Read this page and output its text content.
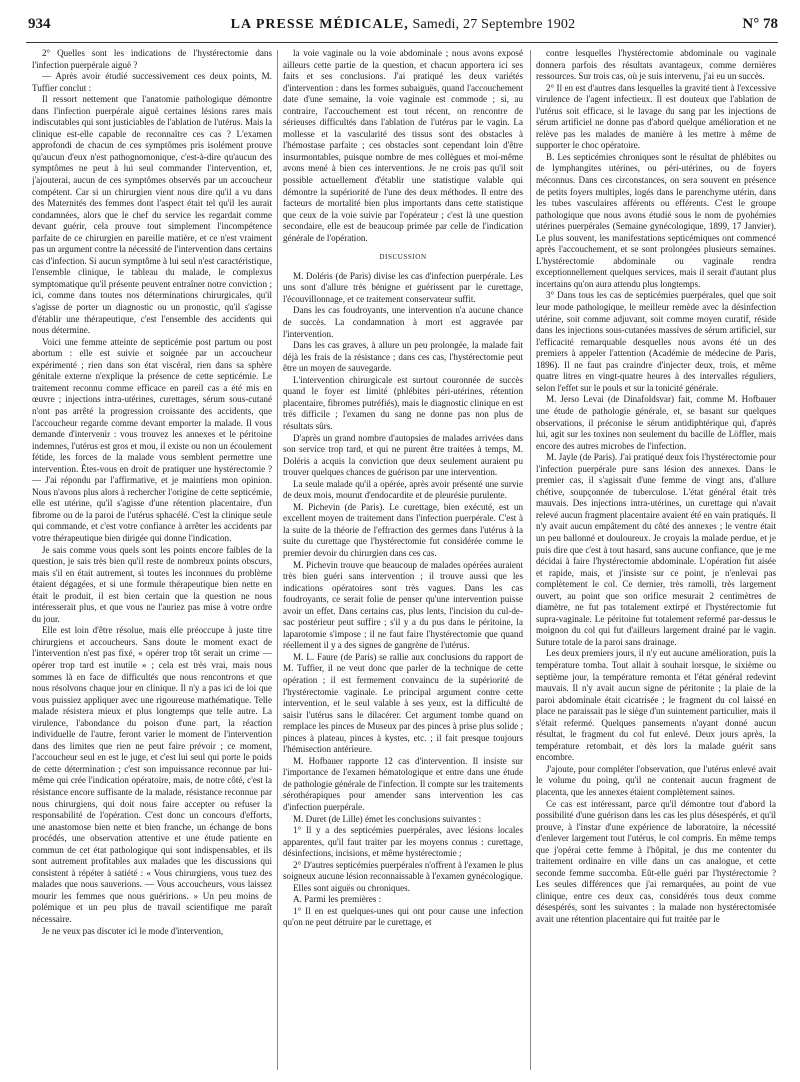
934	LA PRESSE MÉDICALE, Samedi, 27 Septembre 1902	N° 78

2° Quelles sont les indications de l'hystérectomie dans l'infection puerpérale aiguë ?

— Après avoir étudié successivement ces deux points, M. Tuffier conclut :

Il ressort nettement que l'anatomie pathologique démontre dans l'infection puerpérale aiguë certaines lésions rares mais indiscutables qui sont justiciables de l'ablation de l'utérus. Mais la clinique est-elle capable de reconnaître ces cas ? L'examen approfondi de chacun de ces symptômes pris isolément prouve qu'aucun d'eux n'est pathognomonique, c'est-à-dire qu'aucun des symptômes ne peut à lui seul commander l'intervention, et, j'ajouterai, aucun de ces symptômes observés par un accoucheur compétent. Car si un chirurgien vient nous dire qu'il a vu dans des Maternités des femmes dont l'aspect était tel qu'il les aurait condamnées, alors que le chef du service les regardait comme devant guérir, cela prouve tout simplement l'incompétence parfaite de ce chirurgien en pareille matière, et ce n'est vraiment pas un argument contre la nécessité de l'intervention dans certains cas d'infection. Si aucun symptôme à lui seul n'est caractéristique, l'ensemble clinique, le tableau du malade, le complexus symptomatique qu'il présente peuvent entraîner notre conviction ; ici, comme dans toutes nos déterminations chirurgicales, qu'il s'agisse de porter un diagnostic ou un pronostic, qu'il s'agisse d'établir une thérapeutique, c'est l'ensemble des accidents qui nous détermine.

Voici une femme atteinte de septicémie post partum ou post abortum : elle est suivie et soignée par un accoucheur expérimenté ; rien dans son état viscéral, rien dans sa sphère génitale externe n'explique la présence de cette septicémie. Le traitement reconnu comme efficace en pareil cas a été mis en œuvre ; injections intra-utérines, curettages, sérum sous-cutané n'ont pas arrêté la progression croissante des accidents, que l'accoucheur regarde comme devant emporter la malade. Il vous demande d'intervenir : vous trouvez les annexes et le péritoine indemnes, l'utérus est gros et mou, il existe ou non un écoulement fétide, les forces de la malade vous semblent permettre une intervention. Êtes-vous en droit de pratiquer une hystérectomie ? — J'ai répondu par l'affirmative, et je maintiens mon opinion. Nous n'avons plus alors à rechercher l'origine de cette septicémie, elle est utérine, qu'il s'agisse d'une rétention placentaire, d'un fibrome ou de la paroi de l'utérus sphacélé. C'est la clinique seule qui commande, et c'est votre confiance à arrêter les accidents par votre thérapeutique bien dirigée qui donne l'indication.

Je sais comme vous quels sont les points encore faibles de la question, je sais très bien qu'il reste de nombreux points obscurs, mais s'il en était autrement, si toutes les inconnues du problème étaient dégagées, et si une formule thérapeutique bien nette en était le produit, il est bien certain que la question ne nous intéresserait plus, et que vous ne l'auriez pas mise à votre ordre du jour.

Elle est loin d'être résolue, mais elle préoccupe à juste titre chirurgiens et accoucheurs. Sans doute le moment exact de l'intervention n'est pas fixé, « opérer trop tôt serait un crime — opérer trop tard est inutile » ; cela est très vrai, mais nous sommes là en face de difficultés que nous rencontrons et que nous résolvons chaque jour en clinique. Il n'y a pas ici de loi que vous puissiez appliquer avec une rigoureuse mathématique. Telle malade résistera mieux et plus longtemps que telle autre. La virulence, l'abondance du poison d'une part, la réaction individuelle de l'autre, feront varier le moment de l'intervention dans des limites que rien ne peut faire prévoir ; ce moment, l'accoucheur seul en est le juge, et c'est lui seul qui porte le poids de cette détermination ; c'est son impuissance reconnue par lui-même qui crée l'indication opératoire, mais, de notre côté, c'est la résistance encore suffisante de la malade, résistance reconnue par nous chirurgiens, qui doit nous faire accepter ou refuser la responsabilité de l'opération. C'est donc un concours d'efforts, une anastomose bien nette et bien franche, un échange de bons procédés, une observation attentive et une étude patiente en commun de cet état pathologique qui sont indispensables, et ils sont autrement profitables aux malades que les discussions qui consistent à répéter à satiété : « Vous chirurgiens, vous tuez des malades que nous sauverions. — Vous accoucheurs, vous laissez mourir les femmes que nous guéririons. » Un peu moins de polémique et un peu plus de travail scientifique me paraît nécessaire.

Je ne veux pas discuter ici le mode d'intervention,

la voie vaginale ou la voie abdominale ; nous avons exposé ailleurs cette partie de la question, et chacun apportera ici ses faits et ses conclusions. J'ai pratiqué les deux variétés d'intervention : dans les formes subaiguës, quand l'accouchement date d'une semaine, la voie vaginale est commode ; si, au contraire, l'accouchement est tout récent, on rencontre de sérieuses difficultés dans l'ablation de l'utérus par le vagin. La mollesse et la vascularité des tissus sont des obstacles à l'hémostase parfaite ; ces obstacles sont cependant loin d'être insurmontables, puisque nombre de mes collègues et moi-même avons mené à bien ces interventions. Je ne crois pas qu'il soit possible actuellement d'établir une statistique valable qui démontre la supériorité de l'une des deux méthodes. Il entre des facteurs de mortalité bien plus importants dans cette statistique que ceux de la voie suivie par l'opérateur ; c'est là une question secondaire, elle est de beaucoup primée par celle de l'indication générale de l'opération.

DISCUSSION

M. Doléris (de Paris) divise les cas d'infection puerpérale. Les uns sont d'allure très bénigne et guérissent par le curettage, l'écouvillonnage, et ce traitement conservateur suffit.

Dans les cas foudroyants, une intervention n'a aucune chance de succès. La condamnation à mort est aggravée par l'intervention.

Dans les cas graves, à allure un peu prolongée, la malade fait déjà les frais de la résistance ; dans ces cas, l'hystérectomie peut être un moyen de sauvegarde.

L'intervention chirurgicale est surtout couronnée de succès quand le foyer est limité (phlébites péri-utérines, rétention placentaire, fibromes putréfiés), mais le diagnostic clinique en est très difficile ; l'examen du sang ne donne pas non plus de résultats sûrs.

D'après un grand nombre d'autopsies de malades arrivées dans son service trop tard, et qui ne purent être traitées à temps, M. Doléris a acquis la conviction que deux seulement auraient pu trouver quelques chances de guérison par une intervention.

La seule malade qu'il a opérée, après avoir présenté une survie de deux mois, mourut d'endocardite et de pleurésie purulente.

M. Pichevin (de Paris). Le curettage, bien exécuté, est un excellent moyen de traitement dans l'infection puerpérale. C'est à la suite de la théorie de l'effraction des germes dans l'utérus à la suite du curettage que l'hystérectomie fut considérée comme le premier devoir du chirurgien dans ces cas.

M. Pichevin trouve que beaucoup de malades opérées auraient très bien guéri sans intervention ; il trouve aussi que les indications opératoires sont très vagues. Dans les cas foudroyants, ce serait folie de penser qu'une intervention puisse avoir un effet. Dans certains cas, plus lents, l'incision du cul-de-sac postérieur peut suffire ; s'il y a du pus dans le péritoine, la laparotomie s'impose ; il ne faut faire l'hystérectomie que quand réellement il y a des signes de gangrène de l'utérus.

M. L. Faure (de Paris) se rallie aux conclusions du rapport de M. Tuffier, il ne veut donc que parler de la technique de cette opération ; il est fermement convaincu de la supériorité de l'hystérectomie vaginale. Le principal argument contre cette intervention, et le seul valable à ses yeux, est la difficulté de saisir l'utérus sans le dilacérer. Cet argument tombe quand on remplace les pinces de Museux par des pinces à prise plus solide ; pinces à plateau, pinces à kystes, etc. ; il fait presque toujours l'hémisection antérieure.

M. Hofbauer rapporte 12 cas d'intervention. Il insiste sur l'importance de l'examen hématologique et entre dans une étude de pathologie générale de l'infection. Il compte sur les traitements sérothérapiques pour amender sans intervention les cas d'infection puerpérale.

M. Duret (de Lille) émet les conclusions suivantes :

1° Il y a des septicémies puerpérales, avec lésions locales apparentes, qu'il faut traiter par les moyens connus : curettage, désinfections, incisions, et même hystérectomie ;

2° D'autres septicémies puerpérales n'offrent à l'examen le plus soigneux aucune lésion reconnaissable à l'examen gynécologique.

Elles sont aiguës ou chroniques.

A. Parmi les premières :

1° Il en est quelques-unes qui ont pour cause une infection qu'on ne peut détruire par le curettage, et

contre lesquelles l'hystérectomie abdominale ou vaginale donnera parfois des résultats avantageux, comme dernières ressources. Sur trois cas, où je suis intervenu, j'ai eu un succès.

2° Il en est d'autres dans lesquelles la gravité tient à l'excessive virulence de l'agent infectieux. Il est douteux que l'ablation de l'utérus soit efficace, si le lavage du sang par les injections de sérum artificiel ne donne pas d'abord quelque amélioration et ne relève pas les malades de manière à les mettre à même de supporter le choc opératoire.

B. Les septicémies chroniques sont le résultat de phlébites ou de lymphangites utérines, ou péri-utérines, ou de foyers méconnus. Dans ces circonstances, on sera souvent en présence de petits foyers multiples, logés dans le parenchyme utérin, dans les tubes vasculaires afférents ou efférents. C'est le groupe pathologique que nous avons étudié sous le nom de pyohémies utérines puerpérales (Semaine gynécologique, 1899, 17 Janvier). Le plus souvent, les manifestations septicémiques ont commencé après l'accouchement, et se sont prolongées plusieurs semaines. L'hystérectomie abdominale ou vaginale rendra exceptionnellement quelques services, mais il serait d'autant plus incertains qu'on aura attendu plus longtemps.

3° Dans tous les cas de septicémies puerpérales, quel que soit leur mode pathologique, le meilleur remède avec la désinfection utérine, soit comme adjuvant, soit comme moyen curatif, réside dans les injections sous-cutanées massives de sérum artificiel, sur l'efficacité remarquable desquelles nous avons été un des premiers à appeler l'attention (Académie de médecine de Paris, 1896). Il ne faut pas craindre d'injecter deux, trois, et même quatre litres en vingt-quatre heures à des intervalles réguliers, selon l'effet sur le pouls et sur la tonicité générale.

M. Jerso Levai (de Dinafoldsvar) fait, comme M. Hofbauer une étude de pathologie générale, et, se basant sur quelques observations, il préconise le sérum antidiphtérique qui, d'après lui, agit sur les toxines non seulement du bacille de Löffler, mais encore des autres microbes de l'infection.

M. Jayle (de Paris). J'ai pratiqué deux fois l'hystérectomie pour l'infection puerpérale pure sans lésion des annexes. Dans le premier cas, il s'agissait d'une femme de vingt ans, d'allure chétive, soupçonnée de tuberculose. L'état général était très mauvais. Des injections intra-utérines, un curettage qui n'avait relevé aucun fragment placentaire avaient été en vain pratiqués. Il n'y avait aucun empâtement du côté des annexes ; le ventre était un peu ballonné et douloureux. Je croyais la malade perdue, et je puis dire que c'est à tout hasard, sans aucune confiance, que je me décidai à faire l'hystérectomie abdominale. L'opération fut aisée et rapide, mais, et j'insiste sur ce point, je n'enlevai pas complètement le col. Ce dernier, très ramolli, très largement ouvert, au point que son orifice mesurait 2 centimètres de diamètre, ne fut pas totalement extirpé et l'hystérectomie fut supra-vaginale. Le péritoine fut totalement refermé par-dessus le moignon du col qui fut d'ailleurs largement drainé par le vagin. Suture totale de la paroi sans drainage.

Les deux premiers jours, il n'y eut aucune amélioration, puis la température tomba. Tout allait à souhait lorsque, le sixième ou septième jour, la température remonta et l'état général redevint mauvais. Il n'y avait aucun signe de péritonite ; la plaie de la paroi abdominale était cicatrisée ; le fragment du col laissé en place ne paraissait pas le siège d'un suintement particulier, mais il s'était refermé. Quelques pansements n'ayant donné aucun résultat, le fragment du col fut enlevé. Deux jours après, la température retombait, et dès lors la malade guérit sans encombre.

J'ajoute, pour compléter l'observation, que l'utérus enlevé avait le volume du poing, qu'il ne contenait aucun fragment de placenta, que les annexes étaient complètement saines.

Ce cas est intéressant, parce qu'il démontre tout d'abord la possibilité d'une guérison dans les cas les plus désespérés, et qu'il prouve, à l'instar d'une expérience de laboratoire, la nécessité d'enlever largement tout l'utérus, le col compris. En même temps que j'opérai cette femme à l'hôpital, je dus me contenter du traitement ordinaire en ville dans un cas analogue, et cette seconde femme succomba. Eût-elle guéri par l'hystérectomie ? Les seules différences que j'ai remarquées, au point de vue clinique, entre ces deux cas, considérés tous deux comme désespérés, sont les suivantes : la malade non hystérectomisée avait une rétention placentaire qui fut traitée par le
